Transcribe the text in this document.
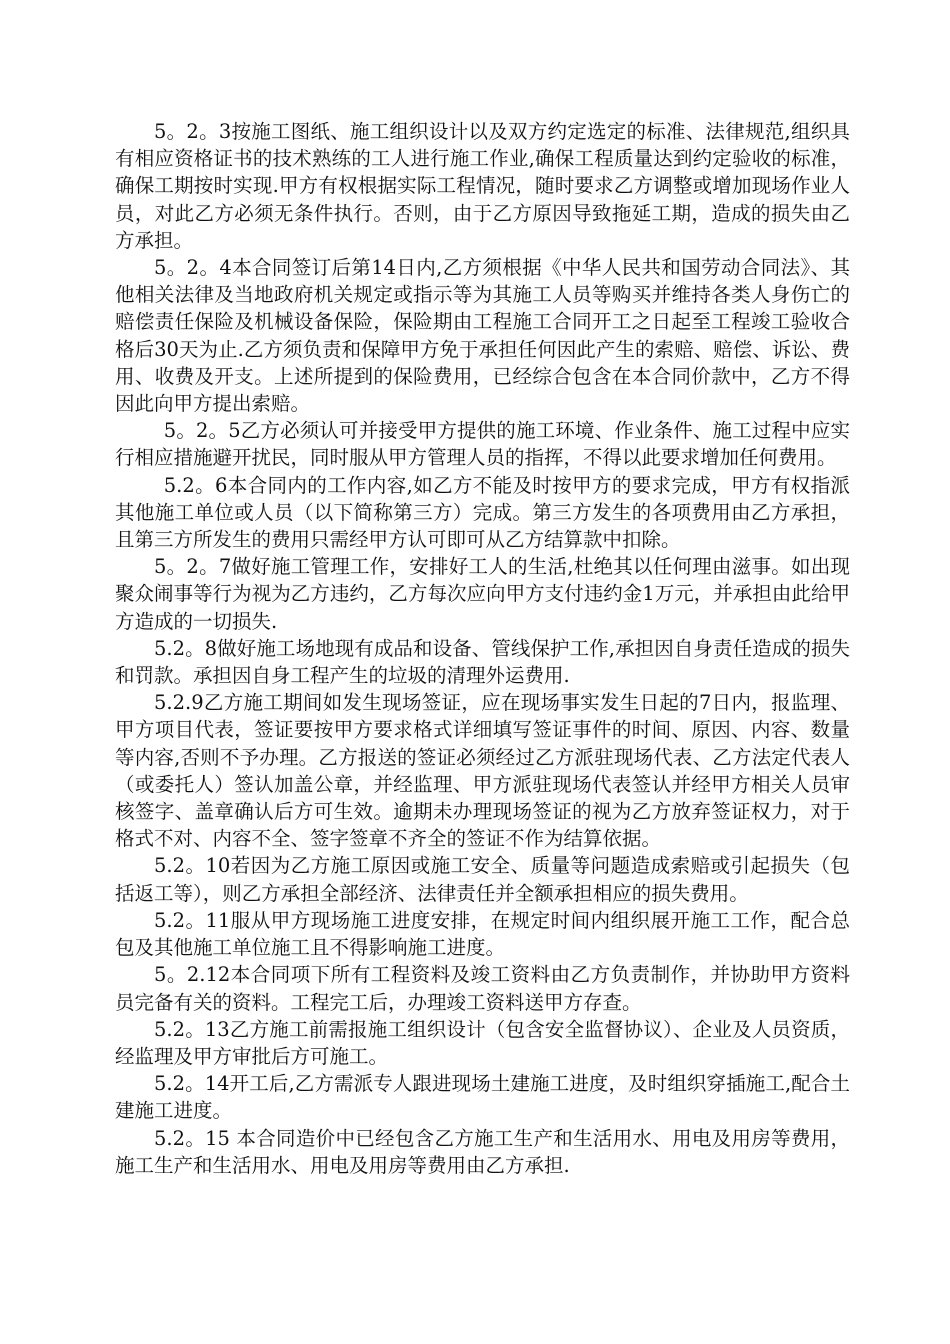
5。2。3按施工图纸、施工组织设计以及双方约定选定的标准、法律规范,组织具有相应资格证书的技术熟练的工人进行施工作业,确保工程质量达到约定验收的标准，确保工期按时实现.甲方有权根据实际工程情况，随时要求乙方调整或增加现场作业人员，对此乙方必须无条件执行。否则，由于乙方原因导致拖延工期，造成的损失由乙方承担。

5。2。4本合同签订后第14日内,乙方须根据《中华人民共和国劳动合同法》、其他相关法律及当地政府机关规定或指示等为其施工人员等购买并维持各类人身伤亡的赔偿责任保险及机械设备保险，保险期由工程施工合同开工之日起至工程竣工验收合格后30天为止.乙方须负责和保障甲方免于承担任何因此产生的索赔、赔偿、诉讼、费用、收费及开支。上述所提到的保险费用，已经综合包含在本合同价款中，乙方不得因此向甲方提出索赔。

5。2。5乙方必须认可并接受甲方提供的施工环境、作业条件、施工过程中应实行相应措施避开扰民，同时服从甲方管理人员的指挥，不得以此要求增加任何费用。

5.2。6本合同内的工作内容,如乙方不能及时按甲方的要求完成，甲方有权指派其他施工单位或人员（以下简称第三方）完成。第三方发生的各项费用由乙方承担，且第三方所发生的费用只需经甲方认可即可从乙方结算款中扣除。

5。2。7做好施工管理工作，安排好工人的生活,杜绝其以任何理由滋事。如出现聚众闹事等行为视为乙方违约，乙方每次应向甲方支付违约金1万元，并承担由此给甲方造成的一切损失.

5.2。8做好施工场地现有成品和设备、管线保护工作,承担因自身责任造成的损失和罚款。承担因自身工程产生的垃圾的清理外运费用.

5.2.9乙方施工期间如发生现场签证，应在现场事实发生日起的7日内，报监理、甲方项目代表，签证要按甲方要求格式详细填写签证事件的时间、原因、内容、数量等内容,否则不予办理。乙方报送的签证必须经过乙方派驻现场代表、乙方法定代表人（或委托人）签认加盖公章，并经监理、甲方派驻现场代表签认并经甲方相关人员审核签字、盖章确认后方可生效。逾期未办理现场签证的视为乙方放弃签证权力，对于格式不对、内容不全、签字签章不齐全的签证不作为结算依据。

5.2。10若因为乙方施工原因或施工安全、质量等问题造成索赔或引起损失（包括返工等），则乙方承担全部经济、法律责任并全额承担相应的损失费用。

5.2。11服从甲方现场施工进度安排，在规定时间内组织展开施工工作，配合总包及其他施工单位施工且不得影响施工进度。

5。2.12本合同项下所有工程资料及竣工资料由乙方负责制作，并协助甲方资料员完备有关的资料。工程完工后，办理竣工资料送甲方存查。

5.2。13乙方施工前需报施工组织设计（包含安全监督协议）、企业及人员资质，经监理及甲方审批后方可施工。

5.2。14开工后,乙方需派专人跟进现场土建施工进度，及时组织穿插施工,配合土建施工进度。

5.2。15 本合同造价中已经包含乙方施工生产和生活用水、用电及用房等费用，施工生产和生活用水、用电及用房等费用由乙方承担.
